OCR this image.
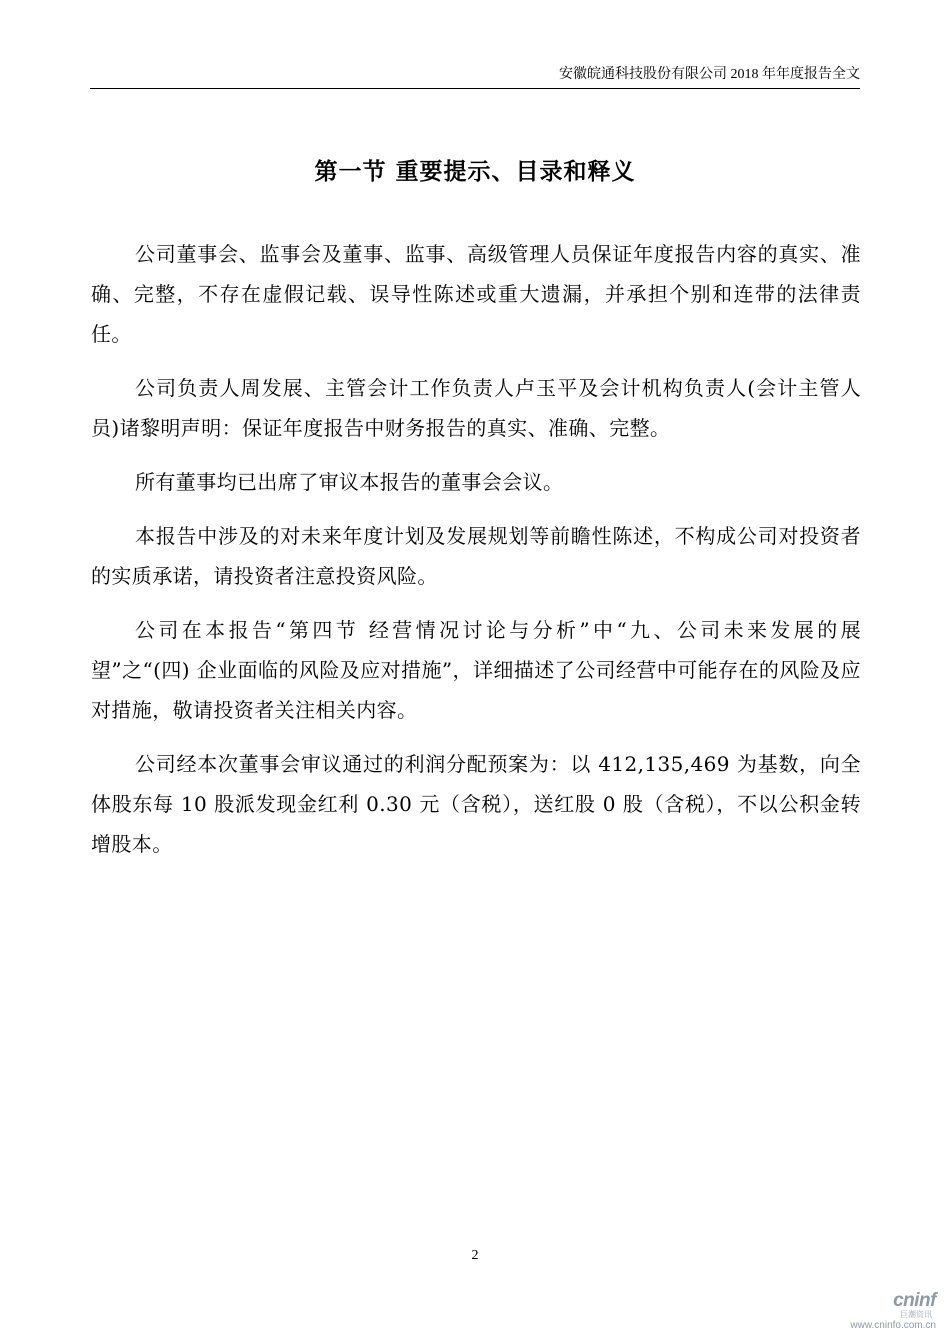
安徽皖通科技股份有限公司 2018 年年度报告全文
第一节 重要提示、目录和释义

公司董事会、监事会及董事、监事、高级管理人员保证年度报告内容的真实、准确、完整，不存在虚假记载、误导性陈述或重大遗漏，并承担个别和连带的法律责任。

公司负责人周发展、主管会计工作负责人卢玉平及会计机构负责人(会计主管人员)诸黎明声明：保证年度报告中财务报告的真实、准确、完整。

所有董事均已出席了审议本报告的董事会会议。

本报告中涉及的对未来年度计划及发展规划等前瞻性陈述，不构成公司对投资者的实质承诺，请投资者注意投资风险。

公司在本报告“第四节 经营情况讨论与分析”中“九、公司未来发展的展望”之“(四) 企业面临的风险及应对措施”，详细描述了公司经营中可能存在的风险及应对措施，敬请投资者关注相关内容。

公司经本次董事会审议通过的利润分配预案为：以 412,135,469 为基数，向全体股东每 10 股派发现金红利 0.30 元（含税），送红股 0 股（含税），不以公积金转增股本。

2
cninf
巨潮资讯
www.cninfo.com.cn
